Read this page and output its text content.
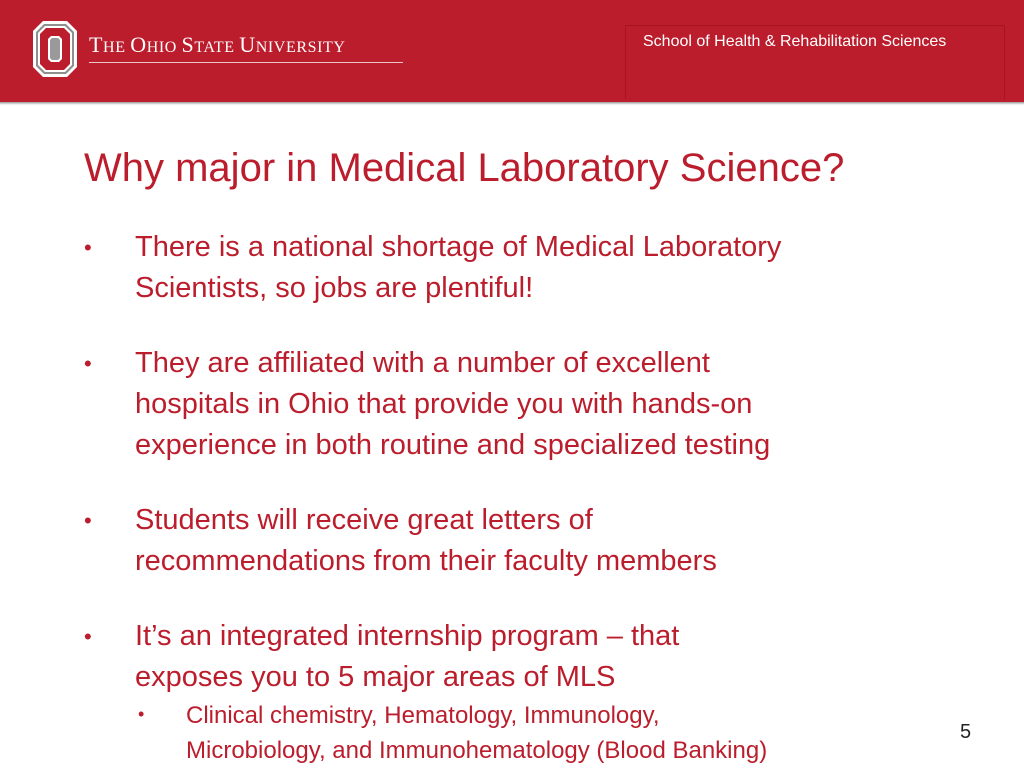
THE OHIO STATE UNIVERSITY	School of Health & Rehabilitation Sciences
Why major in Medical Laboratory Science?
• There is a national shortage of Medical Laboratory
Scientists, so jobs are plentiful!
• They are affiliated with a number of excellent
hospitals in Ohio that provide you with hands-on
experience in both routine and specialized testing
• Students will receive great letters of
recommendations from their faculty members
• It’s an integrated internship program – that
exposes you to 5 major areas of MLS
• Clinical chemistry, Hematology, Immunology,
Microbiology, and Immunohematology (Blood Banking)
5
